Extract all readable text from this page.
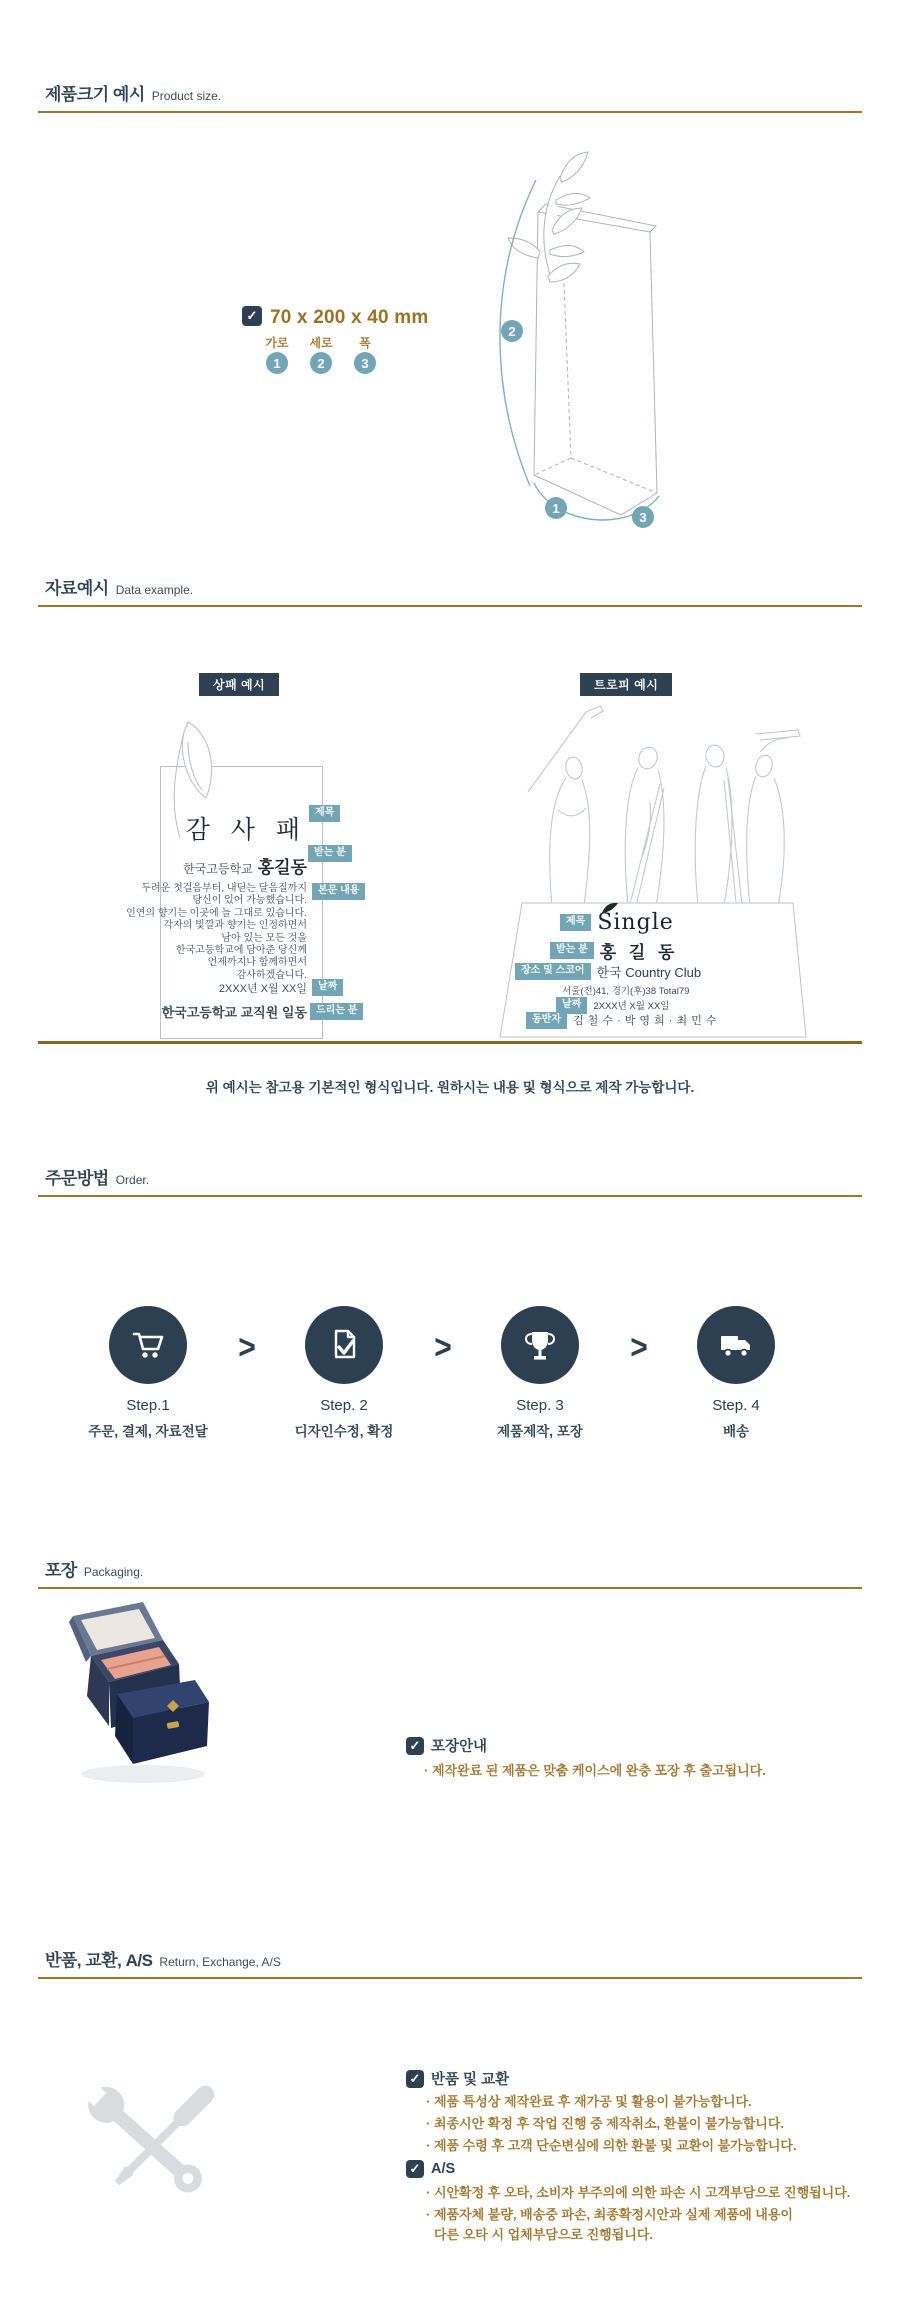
제품크기 예시 Product size.
✓ 70 x 200 x 40 mm
가로	세로	폭
1	2	3
2
1
3
자료예시 Data example.
상패 예시
감 사 패
한국고등학교 홍길동
두려운 첫걸음부터, 내딛는 달음질까지
당신이 있어 가능했습니다.
인연의 향기는 이곳에 늘 그대로 있습니다.
각자의 빛깔과 향기는 인정하면서
남아 있는 모든 것을
한국고등학교에 담아준 당신께
언제까지나 함께하면서
감사하겠습니다.
2XXX년 X월 XX일
한국고등학교 교직원 일동
제목
받는 분
본문 내용
날짜
드리는 분
트로피 예시
제목 Single
받는 분 홍 길 동
장소 및 스코어 한국 Country Club
서울(전)41, 경기(후)38 Total79
날짜	2XXX년 X월 XX일
동반자	김 철 수 · 박 영 희 · 최 민 수
위 예시는 참고용 기본적인 형식입니다. 원하시는 내용 및 형식으로 제작 가능합니다.
주문방법 Order.
Step.1
주문, 결제, 자료전달
>
Step. 2
디자인수정, 확정
>
Step. 3
제품제작, 포장
>
Step. 4
배송
포장 Packaging.
✓ 포장안내
· 제작완료 된 제품은 맞춤 케이스에 완충 포장 후 출고됩니다.
반품, 교환, A/S Return, Exchange, A/S
✓ 반품 및 교환
· 제품 특성상 제작완료 후 재가공 및 활용이 불가능합니다.
· 최종시안 확정 후 작업 진행 중 제작취소, 환불이 불가능합니다.
· 제품 수령 후 고객 단순변심에 의한 환불 및 교환이 불가능합니다.
✓ A/S
· 시안확정 후 오타, 소비자 부주의에 의한 파손 시 고객부담으로 진행됩니다.
· 제품자체 불량, 배송중 파손, 최종확정시안과 실제 제품에 내용이
다른 오타 시 업체부담으로 진행됩니다.
